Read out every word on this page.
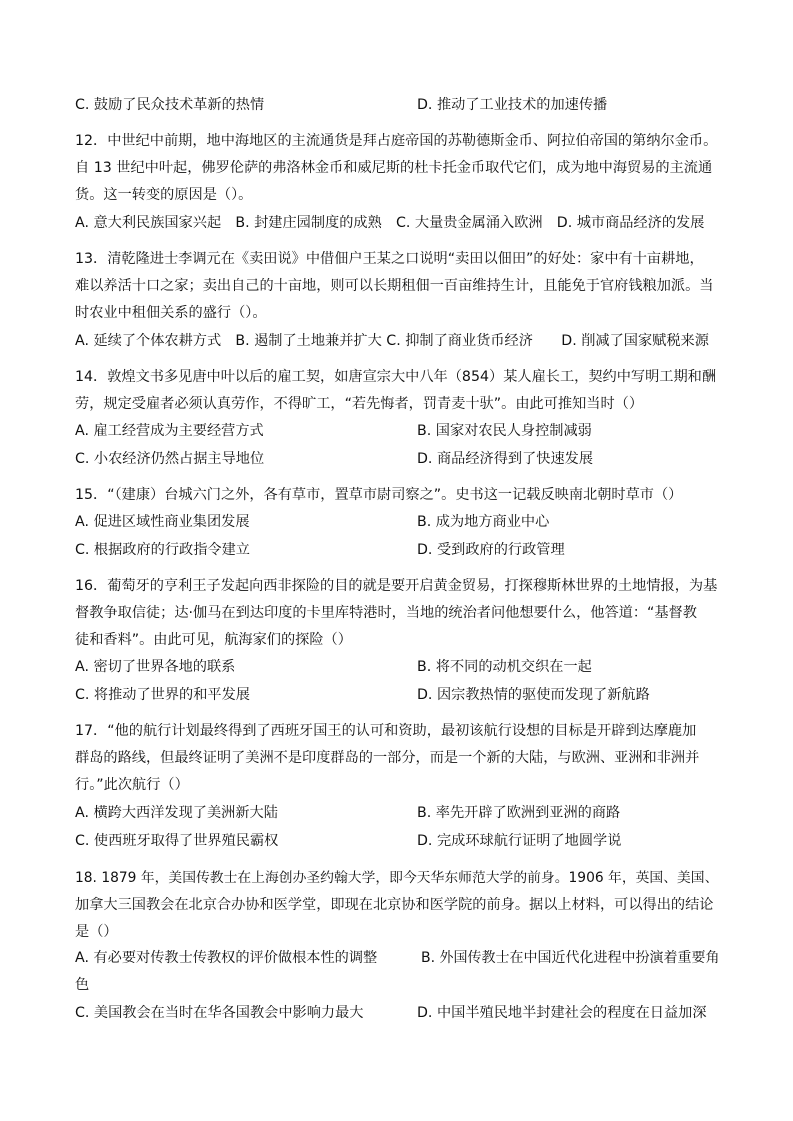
C. 鼓励了民众技术革新的热情	D. 推动了工业技术的加速传播
12．中世纪中前期，地中海地区的主流通货是拜占庭帝国的苏勒德斯金币、阿拉伯帝国的第纳尔金币。
自 13 世纪中叶起，佛罗伦萨的弗洛林金币和威尼斯的杜卡托金币取代它们，成为地中海贸易的主流通
货。这一转变的原因是（）。
A. 意大利民族国家兴起　B. 封建庄园制度的成熟　C. 大量贵金属涌入欧洲　D. 城市商品经济的发展
13．清乾隆进士李调元在《卖田说》中借佃户王某之口说明“卖田以佃田”的好处：家中有十亩耕地，
难以养活十口之家；卖出自己的十亩地，则可以长期租佃一百亩维持生计，且能免于官府钱粮加派。当
时农业中租佃关系的盛行（）。
A. 延续了个体农耕方式　B. 遏制了土地兼并扩大 C. 抑制了商业货币经济　　D. 削减了国家赋税来源
14．敦煌文书多见唐中叶以后的雇工契，如唐宣宗大中八年（854）某人雇长工，契约中写明工期和酬
劳，规定受雇者必须认真劳作，不得旷工，“若先悔者，罚青麦十驮”。由此可推知当时（）
A. 雇工经营成为主要经营方式	B. 国家对农民人身控制减弱
C. 小农经济仍然占据主导地位	D. 商品经济得到了快速发展
15．“（建康）台城六门之外，各有草市，置草市尉司察之”。史书这一记载反映南北朝时草市（）
A. 促进区域性商业集团发展	B. 成为地方商业中心
C. 根据政府的行政指令建立	D. 受到政府的行政管理
16．葡萄牙的亨利王子发起向西非探险的目的就是要开启黄金贸易，打探穆斯林世界的土地情报，为基
督教争取信徒；达·伽马在到达印度的卡里库特港时，当地的统治者问他想要什么，他答道：“基督教
徒和香料”。由此可见，航海家们的探险（）
A. 密切了世界各地的联系	B. 将不同的动机交织在一起
C. 将推动了世界的和平发展	D. 因宗教热情的驱使而发现了新航路
17．“他的航行计划最终得到了西班牙国王的认可和资助，最初该航行设想的目标是开辟到达摩鹿加
群岛的路线，但最终证明了美洲不是印度群岛的一部分，而是一个新的大陆，与欧洲、亚洲和非洲并
行。”此次航行（）
A. 横跨大西洋发现了美洲新大陆	B. 率先开辟了欧洲到亚洲的商路
C. 使西班牙取得了世界殖民霸权	D. 完成环球航行证明了地圆学说
18. 1879 年，美国传教士在上海创办圣约翰大学，即今天华东师范大学的前身。1906 年，英国、美国、
加拿大三国教会在北京合办协和医学堂，即现在北京协和医学院的前身。据以上材料，可以得出的结论
是（）
A. 有必要对传教士传教权的评价做根本性的调整	B. 外国传教士在中国近代化进程中扮演着重要角
色
C. 美国教会在当时在华各国教会中影响力最大	D. 中国半殖民地半封建社会的程度在日益加深
